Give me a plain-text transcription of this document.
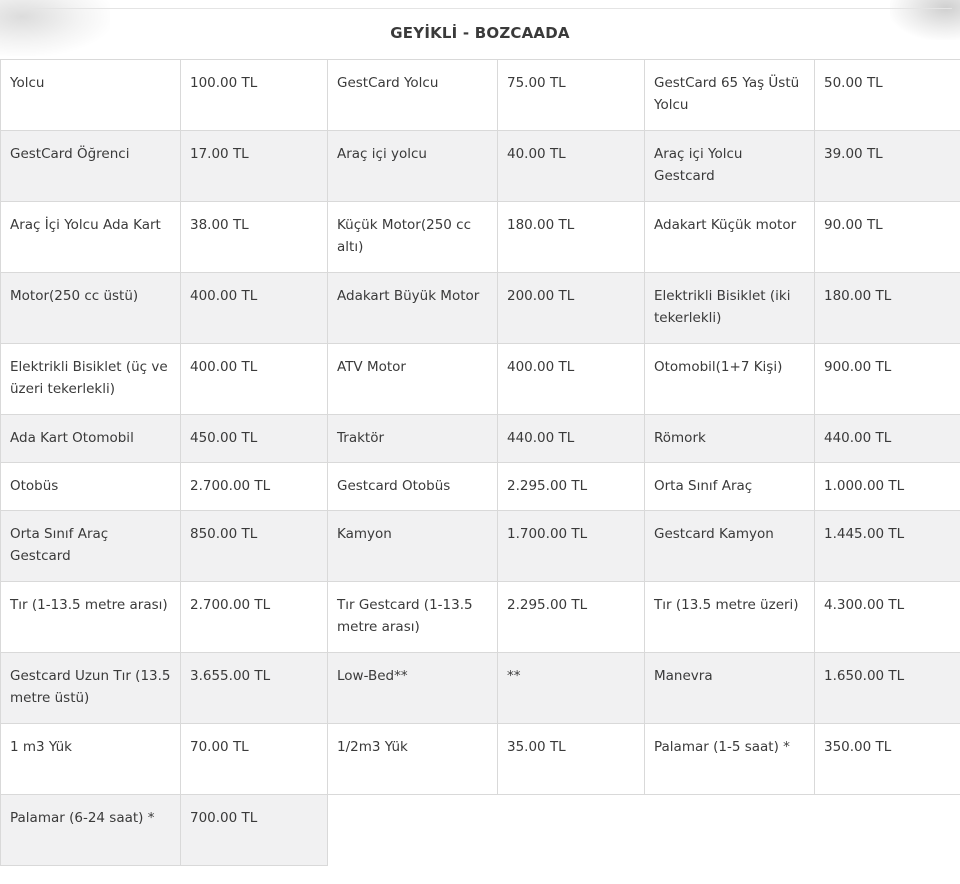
GEYİKLİ - BOZCAADA
Yolcu	100.00 TL	GestCard Yolcu	75.00 TL	GestCard 65 Yaş Üstü Yolcu	50.00 TL
GestCard Öğrenci	17.00 TL	Araç içi yolcu	40.00 TL	Araç içi Yolcu Gestcard	39.00 TL
Araç İçi Yolcu Ada Kart	38.00 TL	Küçük Motor(250 cc altı)	180.00 TL	Adakart Küçük motor	90.00 TL
Motor(250 cc üstü)	400.00 TL	Adakart Büyük Motor	200.00 TL	Elektrikli Bisiklet (iki tekerlekli)	180.00 TL
Elektrikli Bisiklet (üç ve üzeri tekerlekli)	400.00 TL	ATV Motor	400.00 TL	Otomobil(1+7 Kişi)	900.00 TL
Ada Kart Otomobil	450.00 TL	Traktör	440.00 TL	Römork	440.00 TL
Otobüs	2.700.00 TL	Gestcard Otobüs	2.295.00 TL	Orta Sınıf Araç	1.000.00 TL
Orta Sınıf Araç Gestcard	850.00 TL	Kamyon	1.700.00 TL	Gestcard Kamyon	1.445.00 TL
Tır (1-13.5 metre arası)	2.700.00 TL	Tır Gestcard (1-13.5 metre arası)	2.295.00 TL	Tır (13.5 metre üzeri)	4.300.00 TL
Gestcard Uzun Tır (13.5 metre üstü)	3.655.00 TL	Low-Bed**	**	Manevra	1.650.00 TL
1 m3 Yük	70.00 TL	1/2m3 Yük	35.00 TL	Palamar (1-5 saat) *	350.00 TL
Palamar (6-24 saat) *	700.00 TL				
